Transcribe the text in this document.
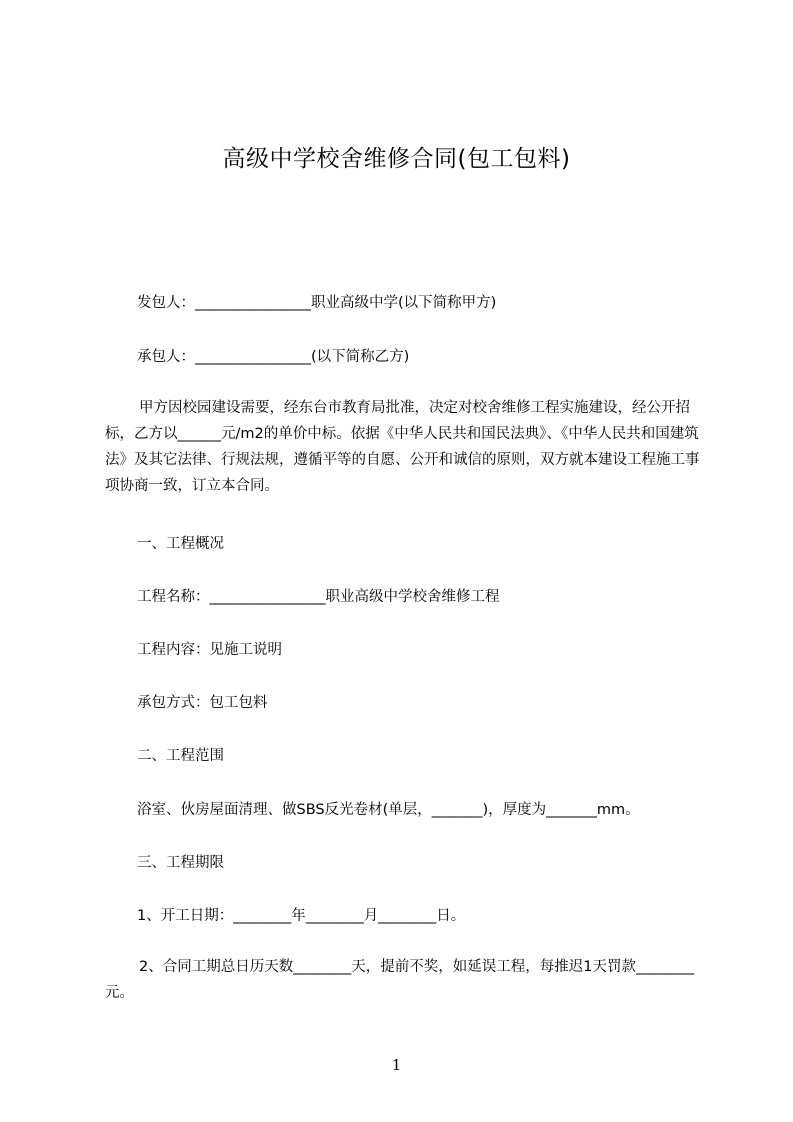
高级中学校舍维修合同(包工包料)
发包人：________________职业高级中学(以下简称甲方)
承包人：________________(以下简称乙方)
甲方因校园建设需要，经东台市教育局批准，决定对校舍维修工程实施建设，经公开招标，乙方以______元/m2的单价中标。依据《中华人民共和国民法典》、《中华人民共和国建筑法》及其它法律、行规法规，遵循平等的自愿、公开和诚信的原则，双方就本建设工程施工事项协商一致，订立本合同。
一、工程概况
工程名称：________________职业高级中学校舍维修工程
工程内容：见施工说明
承包方式：包工包料
二、工程范围
浴室、伙房屋面清理、做SBS反光卷材(单层，_______)，厚度为_______mm。
三、工程期限
1、开工日期：________年________月________日。
2、合同工期总日历天数________天，提前不奖，如延误工程，每推迟1天罚款________元。
1
